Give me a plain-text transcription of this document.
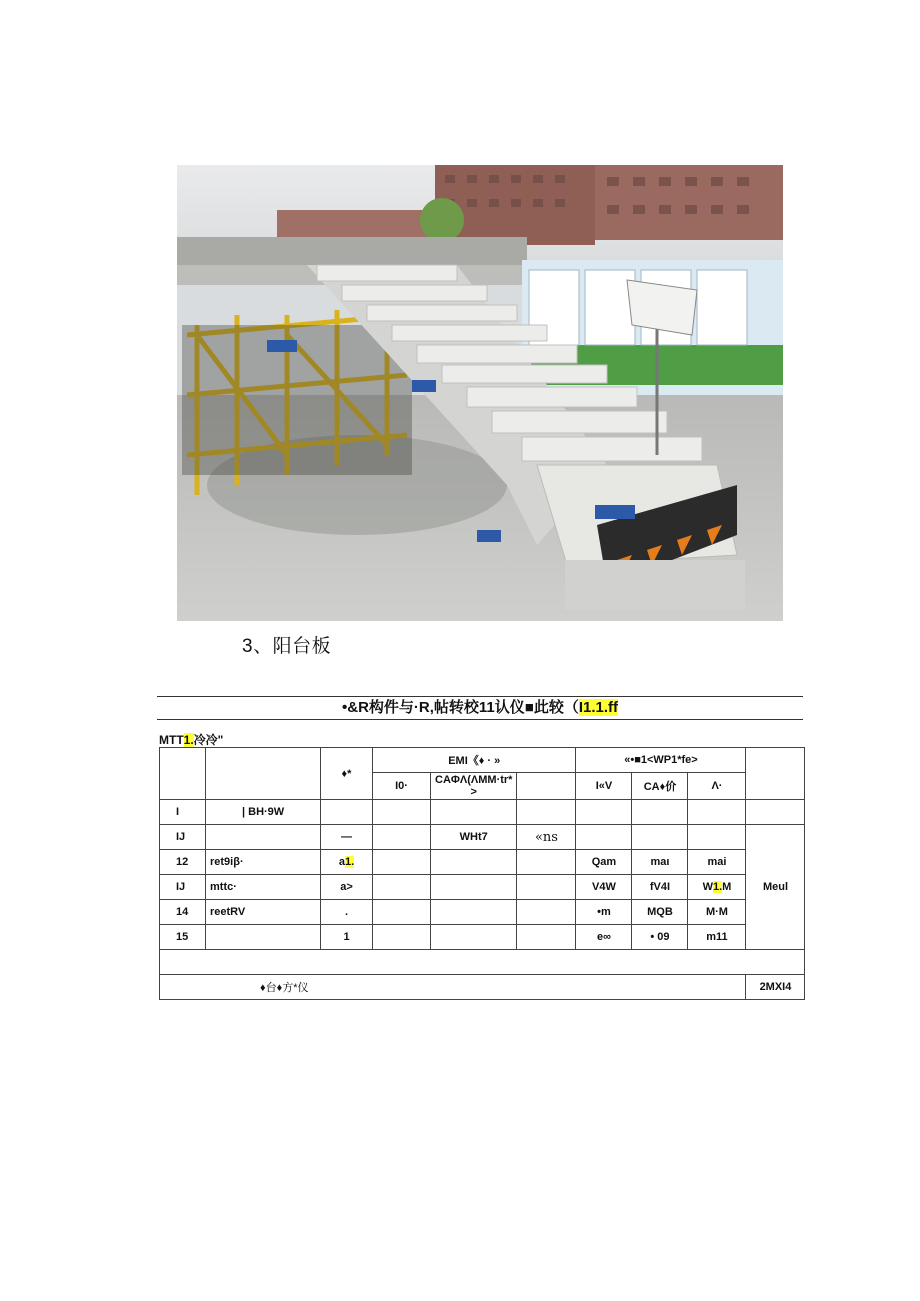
3、阳台板
•&R构件与·R,帖转校11认仪■此较（I1.1.ff
MTT1.冷冷"
		♦*	EMI《♦ · »			«•■1<WP1*fe>			
			I0·	CAΦΛ(ΛMM·tr* >		I«V	CA♦价	Λ·	
I	| BH·9W								
IJ		—		WHt7	«ns				Meul
12	ret9iβ·	a1.				Qam	maι	mai	
IJ	mttc·	a>				V4W	fV4I	W1.M	
14	reetRV	.				•m	MQB	M·M	
15		1				e∞	• 09	m11	

♦台♦方*仪									2MXI4
